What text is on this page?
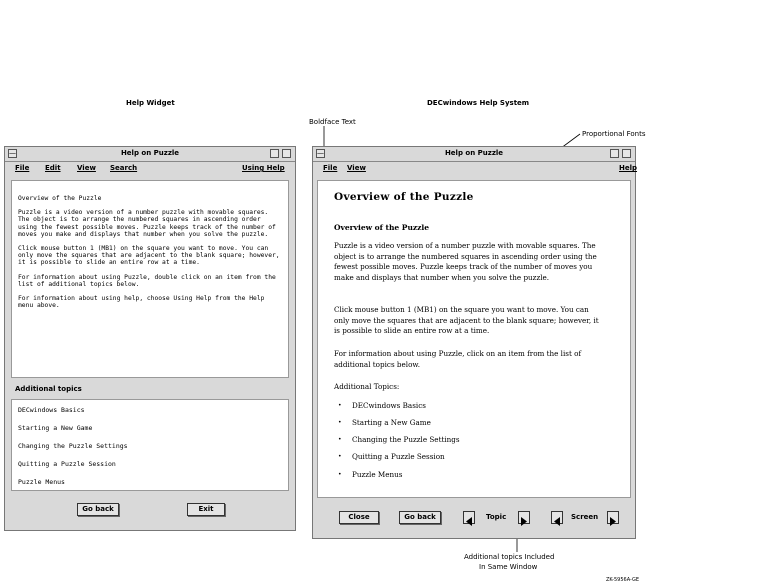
Help Widget	DECwindows Help System
Boldface Text
Proportional Fonts
—	Help on Puzzle
File Edit View Search	Using Help

Overview of the Puzzle

Puzzle is a video version of a number puzzle with movable squares. The object is to arrange the numbered squares in ascending order using the fewest possible moves. Puzzle keeps track of the number of moves you make and displays that number when you solve the puzzle.

Click mouse button 1 (MB1) on the square you want to move. You can only move the squares that are adjacent to the blank square; however, it is possible to slide an entire row at a time.

For information about using Puzzle, double click on an item from the list of additional topics below.

For information about using help, choose Using Help from the Help menu above.

Additional topics
DECwindows Basics
Starting a New Game
Changing the Puzzle Settings
Quitting a Puzzle Session
Puzzle Menus
Go back	Exit
—	Help on Puzzle
File View	Help
Overview of the Puzzle
Overview of the Puzzle
Puzzle is a video version of a number puzzle with movable squares. The object is to arrange the numbered squares in ascending order using the fewest possible moves. Puzzle keeps track of the number of moves you make and displays that number when you solve the puzzle.
Click mouse button 1 (MB1) on the square you want to move. You can only move the squares that are adjacent to the blank square; however, it is possible to slide an entire row at a time.
For information about using Puzzle, click on an item from the list of additional topics below.
Additional Topics:
• DECwindows Basics
• Starting a New Game
• Changing the Puzzle Settings
• Quitting a Puzzle Session
• Puzzle Menus
Close	Go back	Topic	Screen
Additional topics Included
In Same Window
ZK-5956A-GE
